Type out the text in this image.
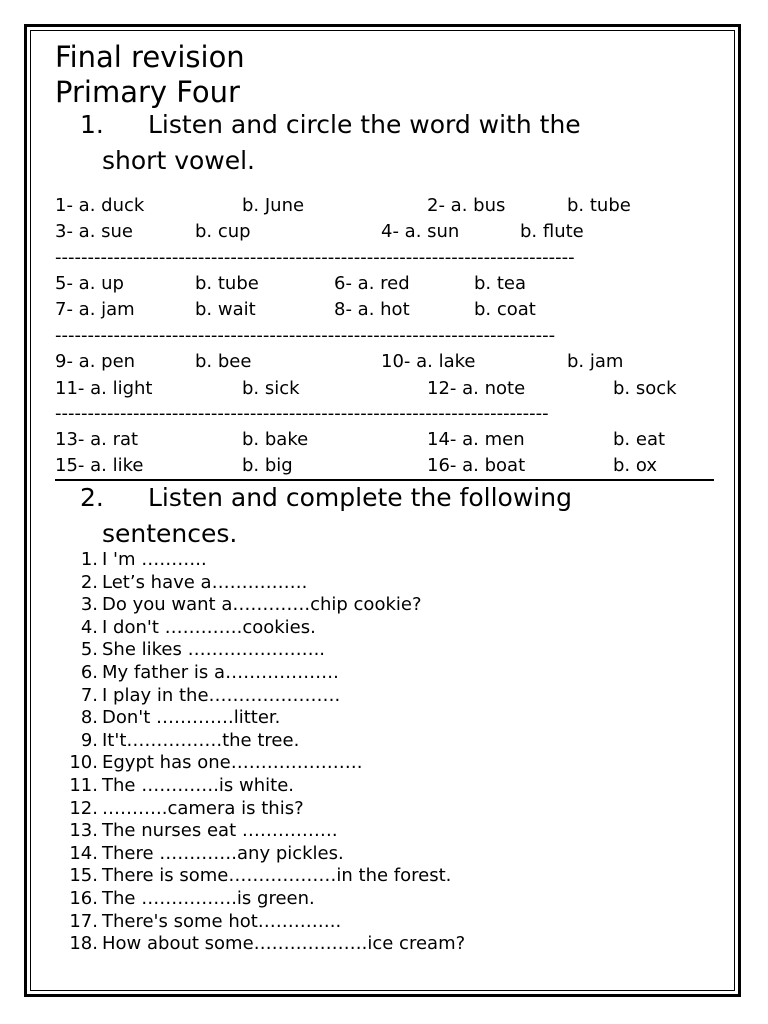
Final revision
Primary Four
1. Listen and circle the word with the
short vowel.
1- a. duck	b. June	2- a. bus	b. tube
3- a. sue	b. cup	4- a. sun	b. flute
--------------------------------------------------------------------------------
5- a. up	b. tube	6- a. red	b. tea
7- a. jam	b. wait	8- a. hot	b. coat
-----------------------------------------------------------------------------
9- a. pen	b. bee	10- a. lake	b. jam
11- a. light	b. sick	12- a. note	b. sock
----------------------------------------------------------------------------
13- a. rat	b. bake	14- a. men	b. eat
15- a. like	b. big	16- a. boat	b. ox
2. Listen and complete the following
sentences.
1. I 'm ………..
2. Let’s have a…………….
3. Do you want a………….chip cookie?
4. I don't ………….cookies.
5. She likes …………………..
6. My father is a……………….
7. I play in the………………….
8. Don't ………….litter.
9. It't…………….the tree.
10. Egypt has one………………….
11. The ………….is white.
12. ………..camera is this?
13. The nurses eat …………….
14. There ………….any pickles.
15. There is some………………in the forest.
16. The …………….is green.
17. There's some hot…………..
18. How about some……………….ice cream?
